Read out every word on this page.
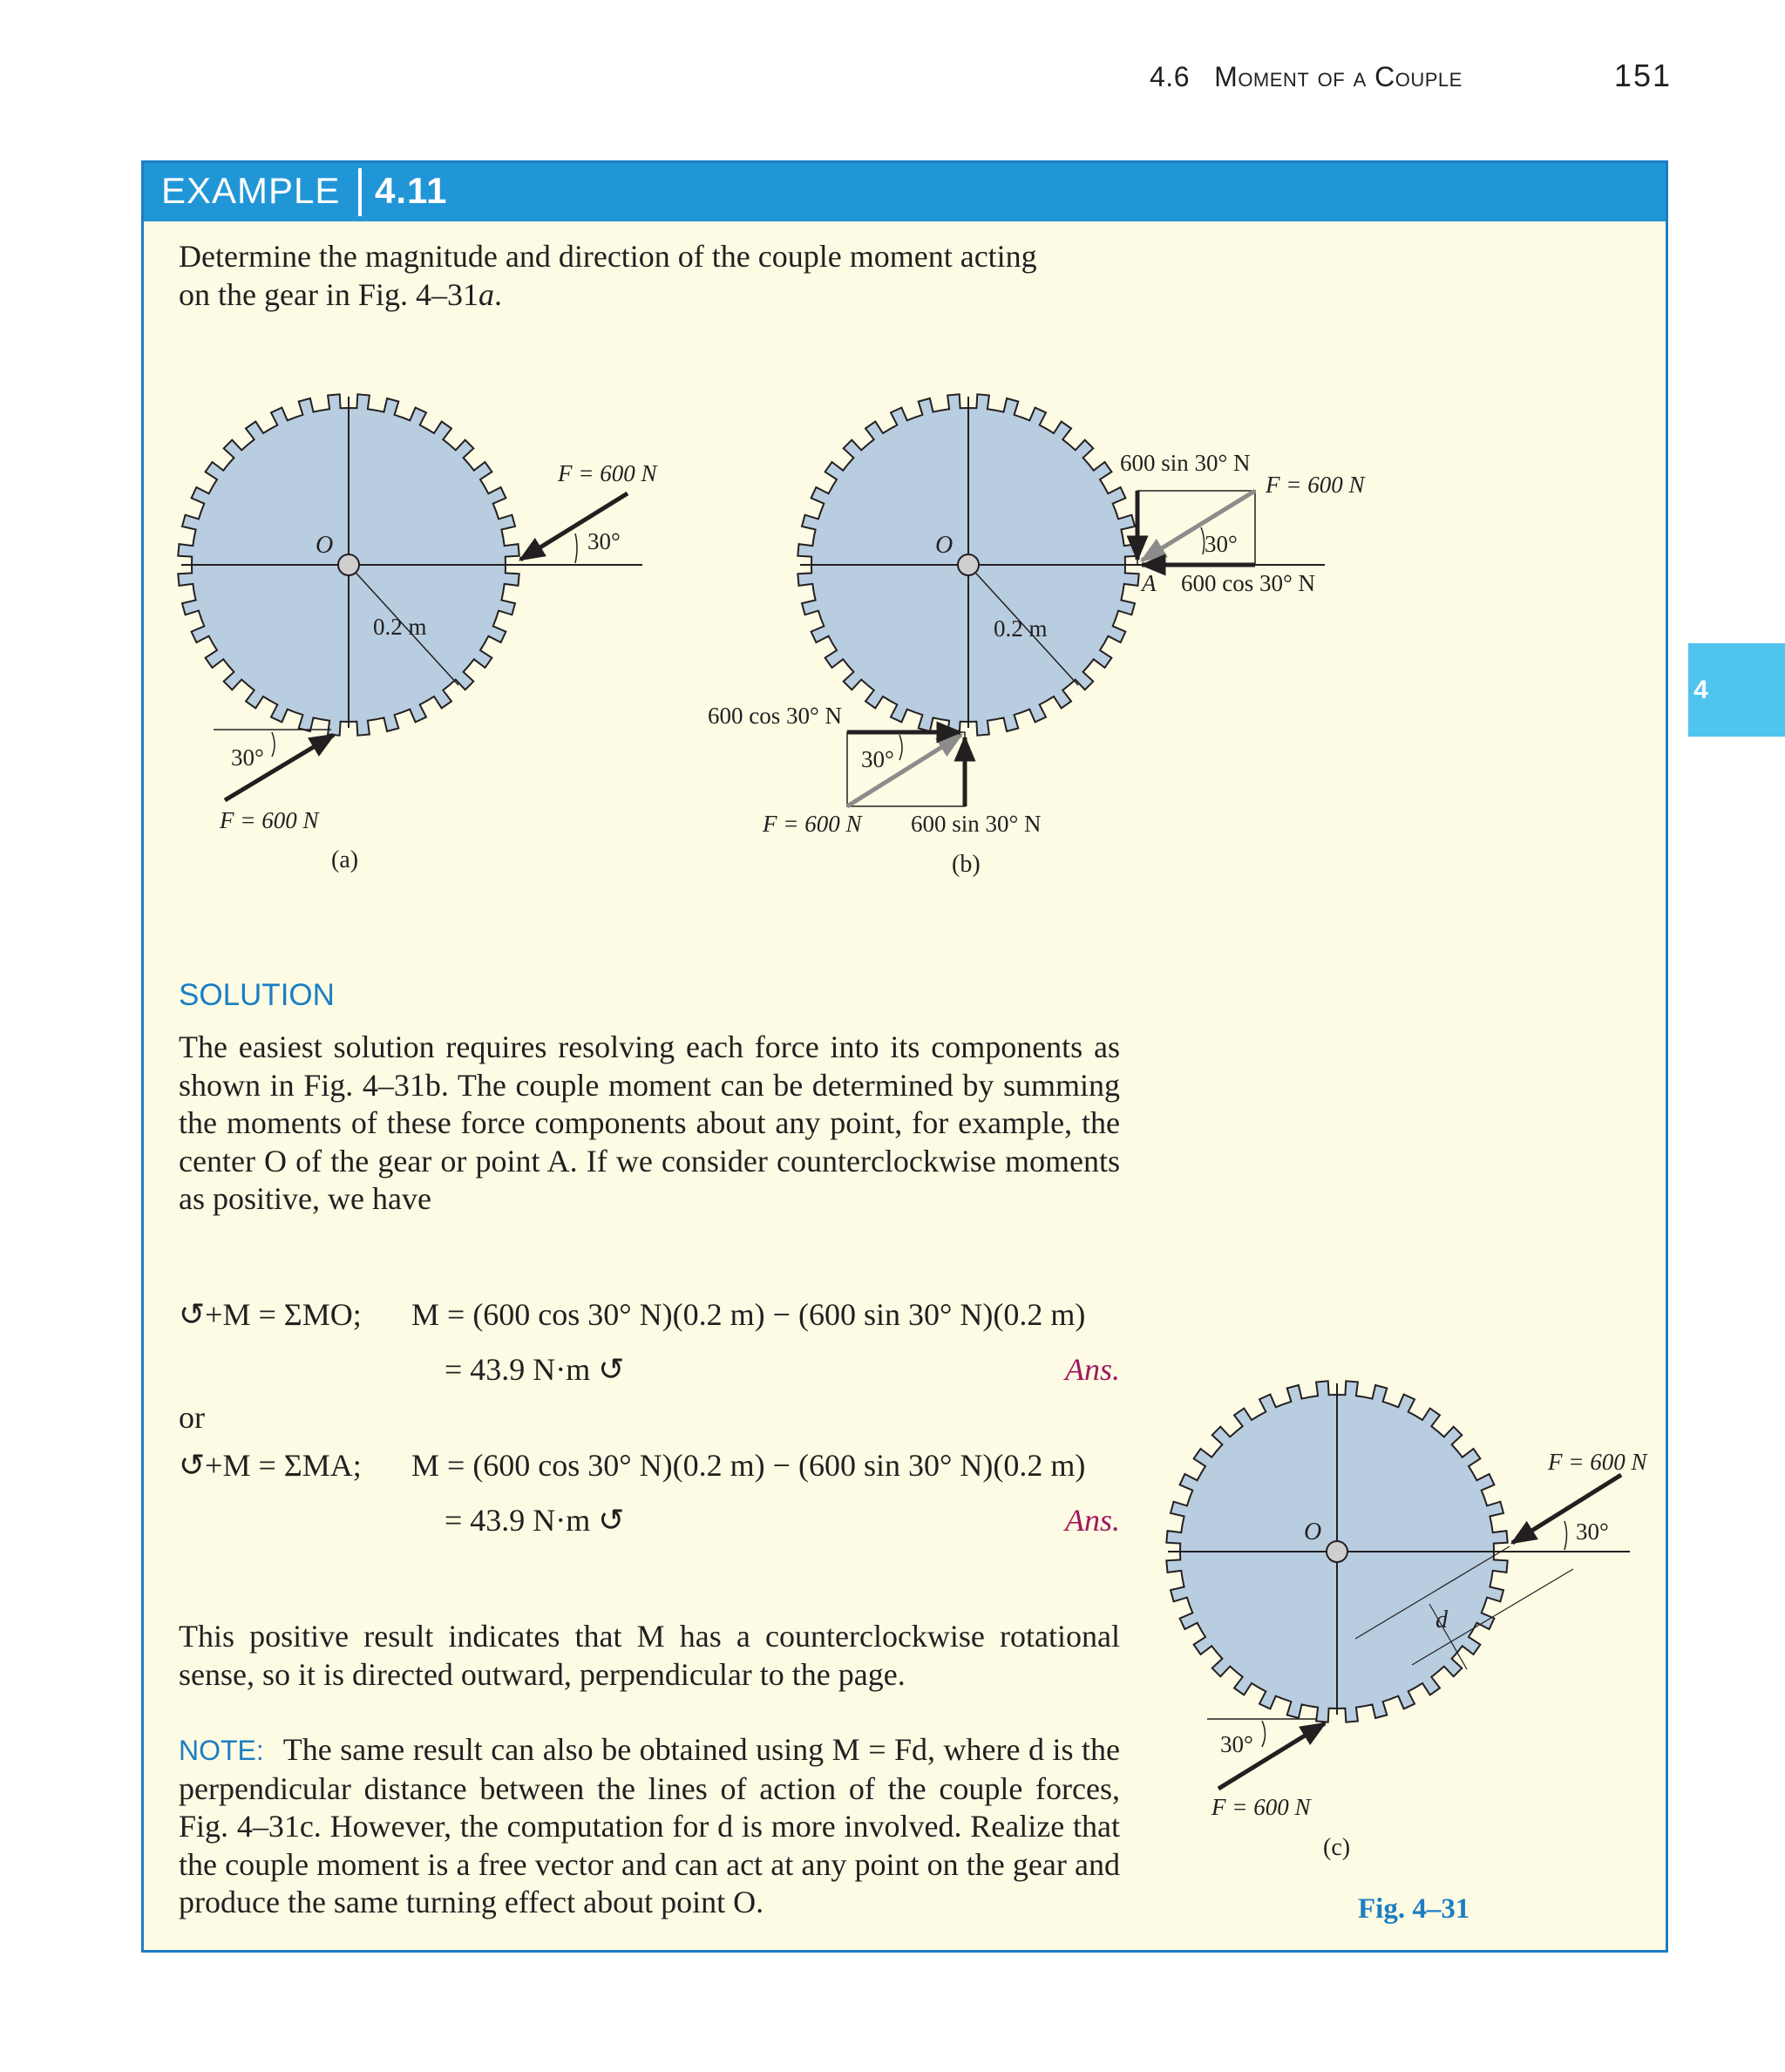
4.6 Moment of a Couple	151
4
EXAMPLE 4.11
Determine the magnitude and direction of the couple moment acting
on the gear in Fig. 4–31a.
F = 600 N
30°
O
0.2 m
30°
F = 600 N
(a)
600 sin 30° N
F = 600 N
30°
A 600 cos 30° N
O
0.2 m
600 cos 30° N
30°
F = 600 N 600 sin 30° N
(b)
SOLUTION
The easiest solution requires resolving each force into its components as shown in Fig. 4–31b. The couple moment can be determined by summing the moments of these force components about any point, for example, the center O of the gear or point A. If we consider counterclockwise moments as positive, we have
↺+M = ΣMO; M = (600 cos 30° N)(0.2 m) − (600 sin 30° N)(0.2 m)
= 43.9 N·m ↺	Ans.
or
↺+M = ΣMA; M = (600 cos 30° N)(0.2 m) − (600 sin 30° N)(0.2 m)
= 43.9 N·m ↺	Ans.
This positive result indicates that M has a counterclockwise rotational sense, so it is directed outward, perpendicular to the page.
NOTE: The same result can also be obtained using M = Fd, where d is the perpendicular distance between the lines of action of the couple forces, Fig. 4–31c. However, the computation for d is more involved. Realize that the couple moment is a free vector and can act at any point on the gear and produce the same turning effect about point O.
F = 600 N
30°
O
d
30°
F = 600 N
(c)
Fig. 4–31
